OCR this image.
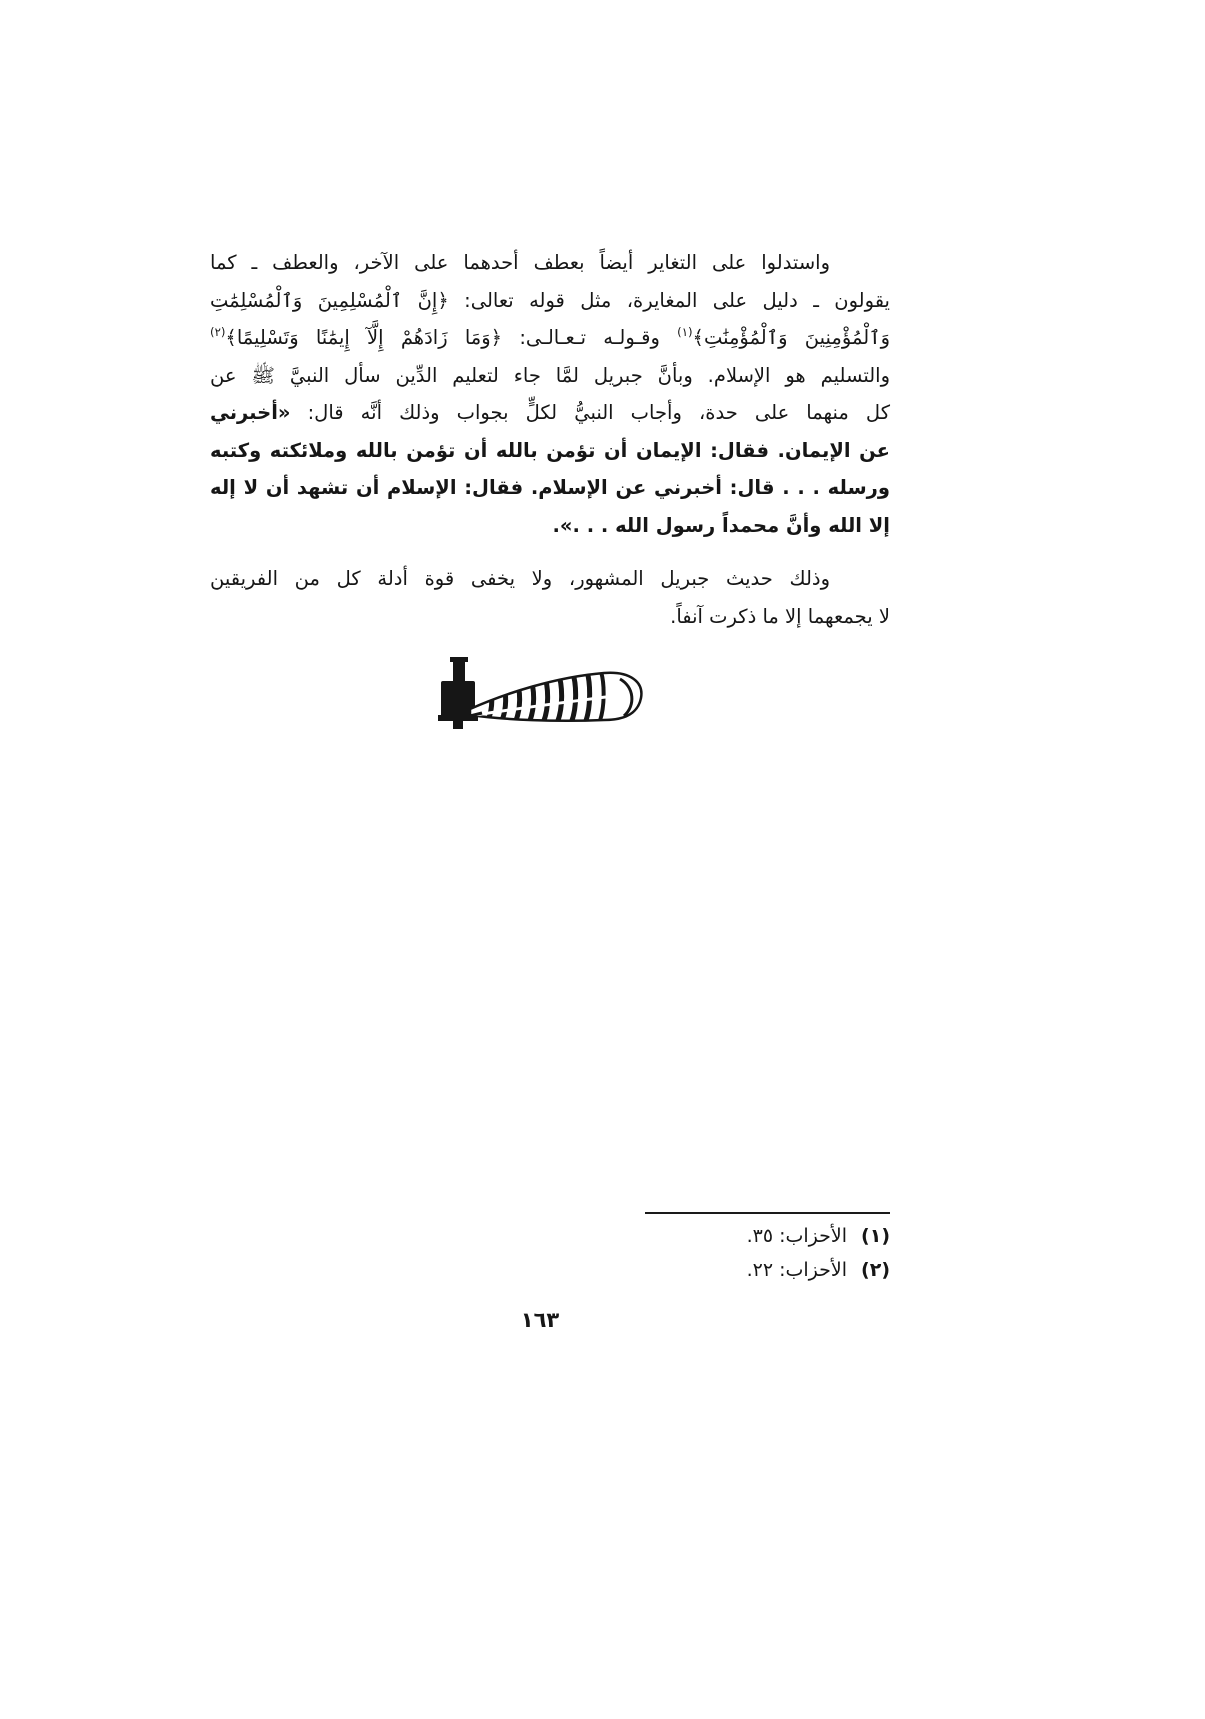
واستدلوا على التغاير أيضاً بعطف أحدهما على الآخر، والعطف ـ كما
يقولون ـ دليل على المغايرة، مثل قوله تعالى: ﴿إِنَّ ٱلْمُسْلِمِينَ وَٱلْمُسْلِمَٰتِ
وَٱلْمُؤْمِنِينَ وَٱلْمُؤْمِنَٰتِ﴾$^{(١)}$ وقـولـه تـعـالـى: ﴿وَمَا زَادَهُمْ إِلَّآ إِيمَٰنًا وَتَسْلِيمًا﴾$^{(٢)}$
والتسليم هو الإسلام. وبأنَّ جبريل لمَّا جاء لتعليم الدِّين سأل النبيَّ ﷺ عن
كل منهما على حدة، وأجاب النبيُّ لكلٍّ بجواب وذلك أنَّه قال: «أخبرني
عن الإيمان. فقال: الإيمان أن تؤمن بالله أن تؤمن بالله وملائكته وكتبه
ورسله . . . قال: أخبرني عن الإسلام. فقال: الإسلام أن تشهد أن لا إله
إلا الله وأنَّ محمداً رسول الله . . .».
وذلك حديث جبريل المشهور، ولا يخفى قوة أدلة كل من الفريقين
لا يجمعهما إلا ما ذكرت آنفاً.
(١)الأحزاب: ٣٥.
(٢)الأحزاب: ٢٢.
١٦٣
